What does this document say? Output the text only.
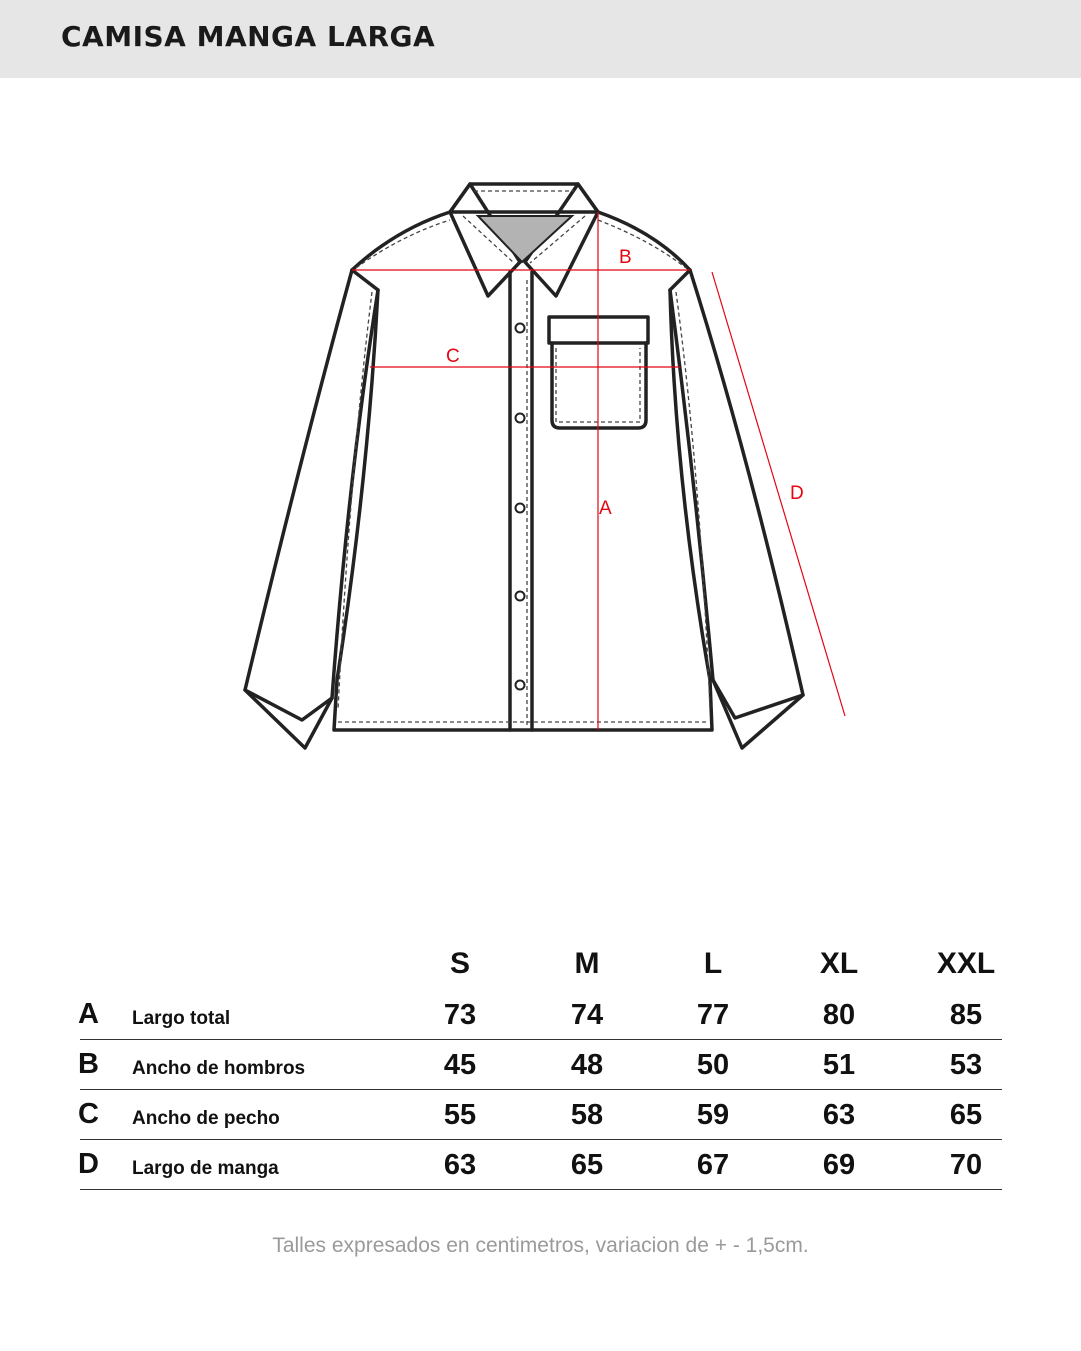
CAMISA MANGA LARGA
B
C
A
D
S	M	L	XL	XXL
A Largo total	73	74	77	80	85
B Ancho de hombros	45	48	50	51	53
C Ancho de pecho	55	58	59	63	65
D Largo de manga	63	65	67	69	70
Talles expresados en centimetros, variacion de + - 1,5cm.
